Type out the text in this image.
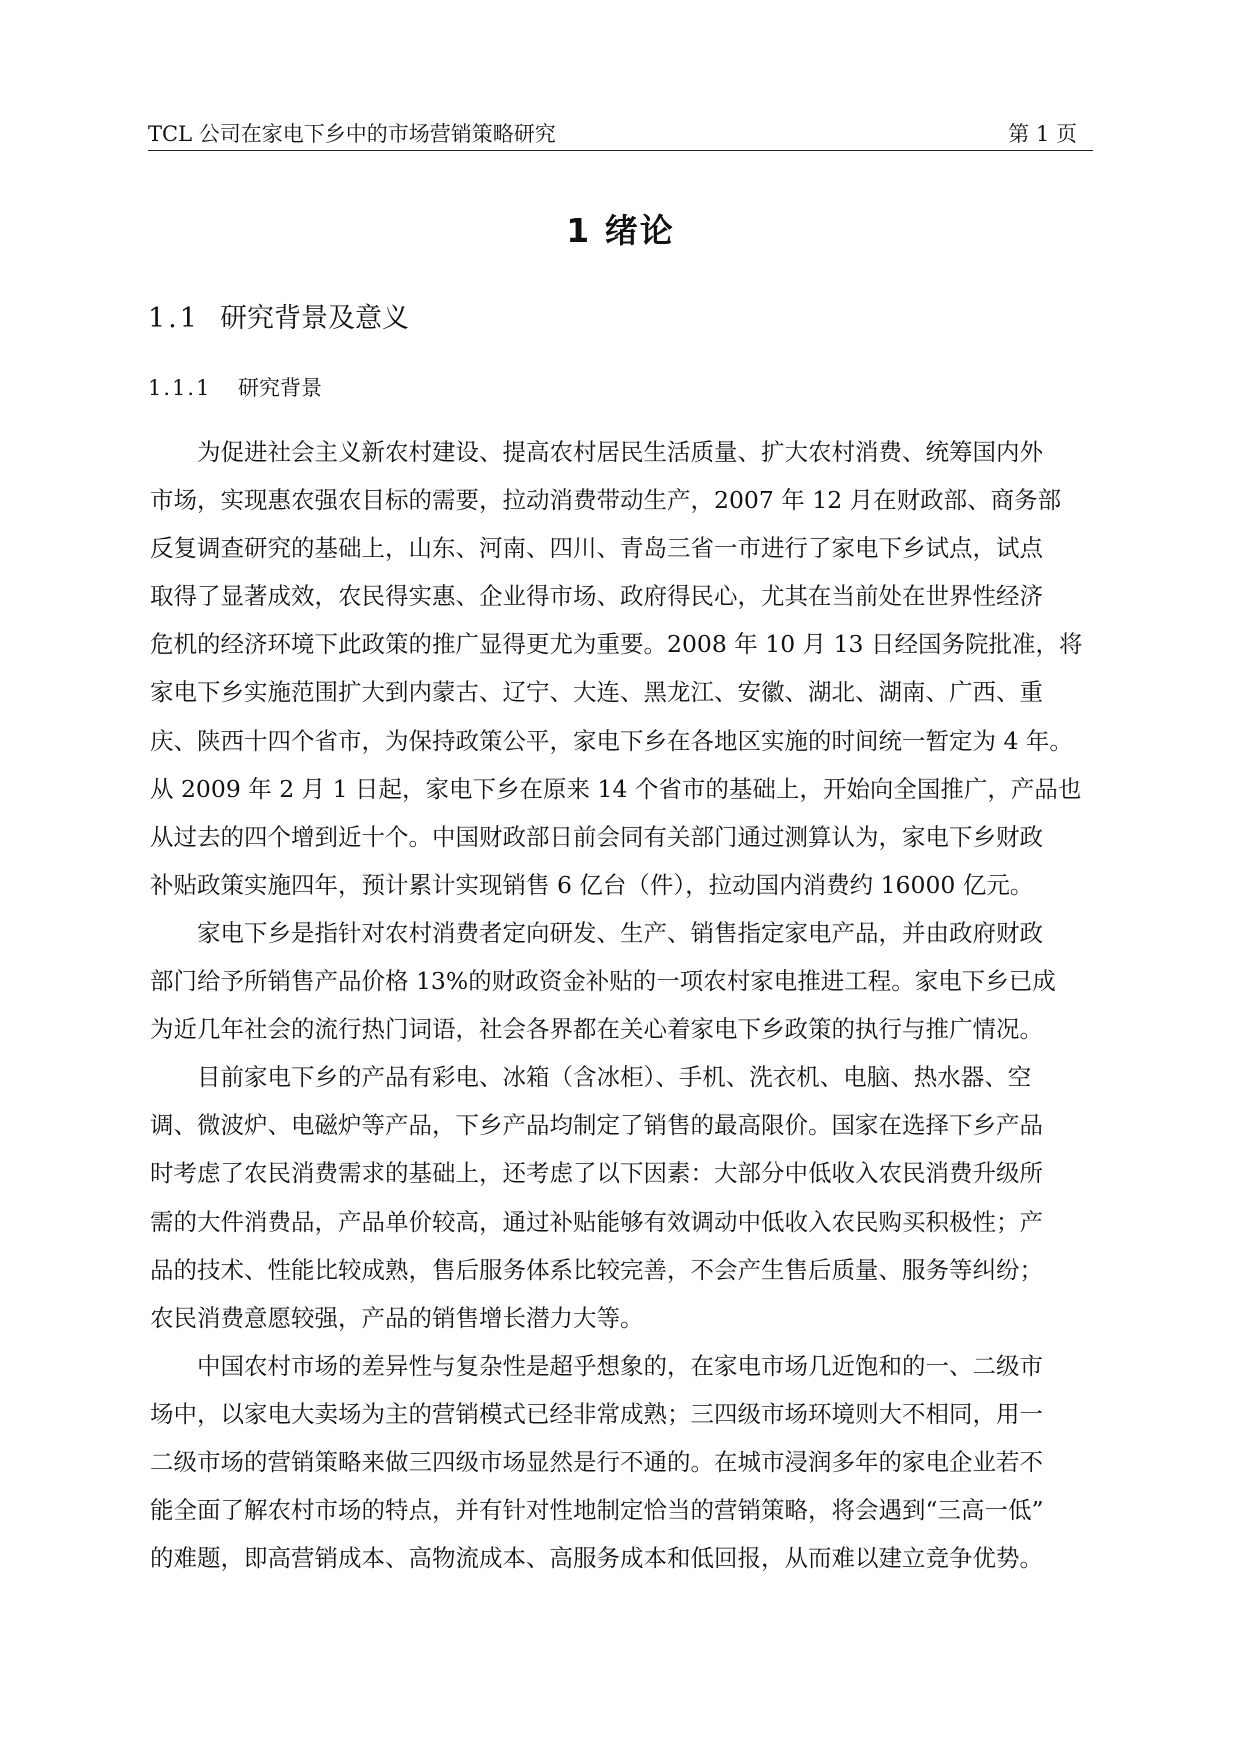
TCL 公司在家电下乡中的市场营销策略研究	第 1 页
1 绪论
1.1 研究背景及意义
1.1.1 研究背景
为促进社会主义新农村建设、提高农村居民生活质量、扩大农村消费、统筹国内外
市场，实现惠农强农目标的需要，拉动消费带动生产，2007 年 12 月在财政部、商务部
反复调查研究的基础上，山东、河南、四川、青岛三省一市进行了家电下乡试点，试点
取得了显著成效，农民得实惠、企业得市场、政府得民心，尤其在当前处在世界性经济
危机的经济环境下此政策的推广显得更尤为重要。2008 年 10 月 13 日经国务院批准，将
家电下乡实施范围扩大到内蒙古、辽宁、大连、黑龙江、安徽、湖北、湖南、广西、重
庆、陕西十四个省市，为保持政策公平，家电下乡在各地区实施的时间统一暂定为 4 年。
从 2009 年 2 月 1 日起，家电下乡在原来 14 个省市的基础上，开始向全国推广，产品也
从过去的四个增到近十个。中国财政部日前会同有关部门通过测算认为，家电下乡财政
补贴政策实施四年，预计累计实现销售 6 亿台（件），拉动国内消费约 16000 亿元。
家电下乡是指针对农村消费者定向研发、生产、销售指定家电产品，并由政府财政
部门给予所销售产品价格 13%的财政资金补贴的一项农村家电推进工程。家电下乡已成
为近几年社会的流行热门词语，社会各界都在关心着家电下乡政策的执行与推广情况。
目前家电下乡的产品有彩电、冰箱（含冰柜）、手机、洗衣机、电脑、热水器、空
调、微波炉、电磁炉等产品，下乡产品均制定了销售的最高限价。国家在选择下乡产品
时考虑了农民消费需求的基础上，还考虑了以下因素：大部分中低收入农民消费升级所
需的大件消费品，产品单价较高，通过补贴能够有效调动中低收入农民购买积极性；产
品的技术、性能比较成熟，售后服务体系比较完善，不会产生售后质量、服务等纠纷；
农民消费意愿较强，产品的销售增长潜力大等。
中国农村市场的差异性与复杂性是超乎想象的，在家电市场几近饱和的一、二级市
场中，以家电大卖场为主的营销模式已经非常成熟；三四级市场环境则大不相同，用一
二级市场的营销策略来做三四级市场显然是行不通的。在城市浸润多年的家电企业若不
能全面了解农村市场的特点，并有针对性地制定恰当的营销策略，将会遇到“三高一低”
的难题，即高营销成本、高物流成本、高服务成本和低回报，从而难以建立竞争优势。
